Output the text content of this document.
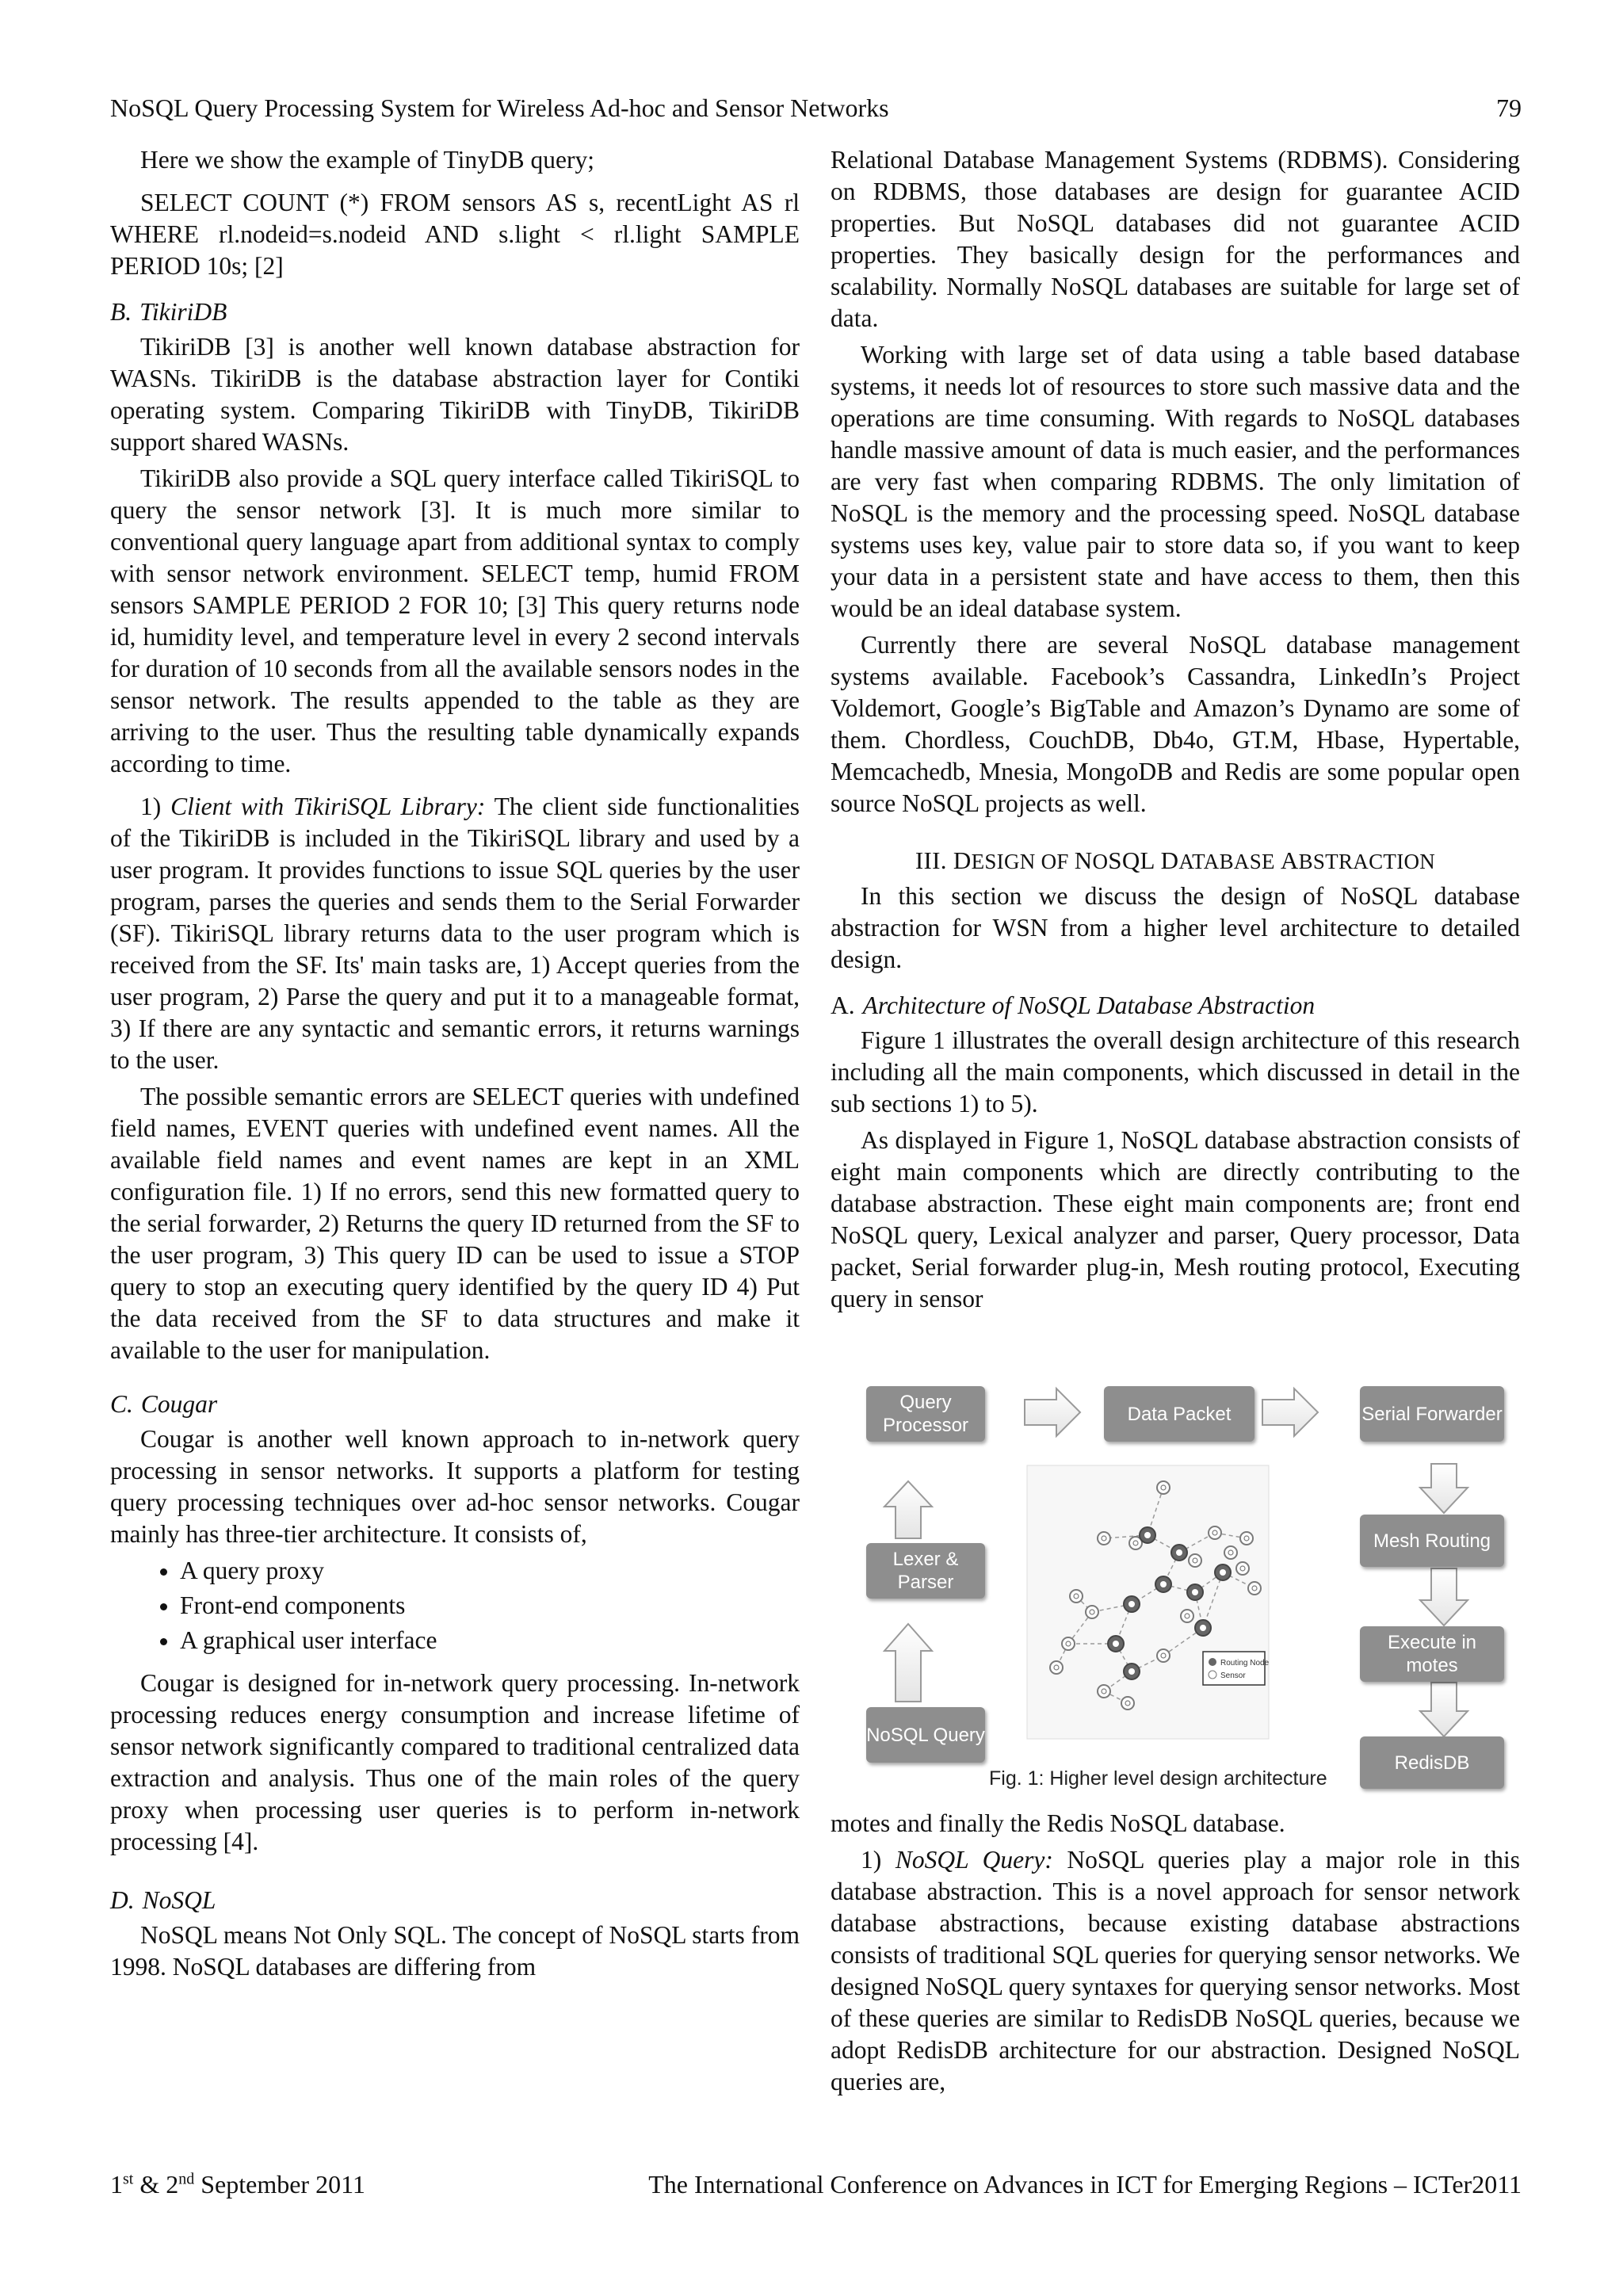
NoSQL Query Processing System for Wireless Ad-hoc and Sensor Networks	79

Here we show the example of TinyDB query;

SELECT COUNT (*) FROM sensors AS s, recentLight AS rl WHERE rl.nodeid=s.nodeid AND s.light < rl.light SAMPLE PERIOD 10s; [2]

B. TikiriDB

TikiriDB [3] is another well known database abstraction for WASNs. TikiriDB is the database abstraction layer for Contiki operating system. Comparing TikiriDB with TinyDB, TikiriDB support shared WASNs.

TikiriDB also provide a SQL query interface called TikiriSQL to query the sensor network [3]. It is much more similar to conventional query language apart from additional syntax to comply with sensor network environment. SELECT temp, humid FROM sensors SAMPLE PERIOD 2 FOR 10; [3] This query returns node id, humidity level, and temperature level in every 2 second intervals for duration of 10 seconds from all the available sensors nodes in the sensor network. The results appended to the table as they are arriving to the user. Thus the resulting table dynamically expands according to time.

1) Client with TikiriSQL Library: The client side functionalities of the TikiriDB is included in the TikiriSQL library and used by a user program. It provides functions to issue SQL queries by the user program, parses the queries and sends them to the Serial Forwarder (SF). TikiriSQL library returns data to the user program which is received from the SF. Its' main tasks are, 1) Accept queries from the user program, 2) Parse the query and put it to a manageable format, 3) If there are any syntactic and semantic errors, it returns warnings to the user.

The possible semantic errors are SELECT queries with undefined field names, EVENT queries with undefined event names. All the available field names and event names are kept in an XML configuration file. 1) If no errors, send this new formatted query to the serial forwarder, 2) Returns the query ID returned from the SF to the user program, 3) This query ID can be used to issue a STOP query to stop an executing query identified by the query ID 4) Put the data received from the SF to data structures and make it available to the user for manipulation.

C. Cougar

Cougar is another well known approach to in-network query processing in sensor networks. It supports a platform for testing query processing techniques over ad-hoc sensor networks. Cougar mainly has three-tier architecture. It consists of,

• A query proxy
• Front-end components
• A graphical user interface

Cougar is designed for in-network query processing. In-network processing reduces energy consumption and increase lifetime of sensor network significantly compared to traditional centralized data extraction and analysis. Thus one of the main roles of the query proxy when processing user queries is to perform in-network processing [4].

D. NoSQL

NoSQL means Not Only SQL. The concept of NoSQL starts from 1998. NoSQL databases are differing from

Relational Database Management Systems (RDBMS). Considering on RDBMS, those databases are design for guarantee ACID properties. But NoSQL databases did not guarantee ACID properties. They basically design for the performances and scalability. Normally NoSQL databases are suitable for large set of data.

Working with large set of data using a table based database systems, it needs lot of resources to store such massive data and the operations are time consuming. With regards to NoSQL databases handle massive amount of data is much easier, and the performances are very fast when comparing RDBMS. The only limitation of NoSQL is the memory and the processing speed. NoSQL database systems uses key, value pair to store data so, if you want to keep your data in a persistent state and have access to them, then this would be an ideal database system.

Currently there are several NoSQL database management systems available. Facebook’s Cassandra, LinkedIn’s Project Voldemort, Google’s BigTable and Amazon’s Dynamo are some of them. Chordless, CouchDB, Db4o, GT.M, Hbase, Hypertable, Memcachedb, Mnesia, MongoDB and Redis are some popular open source NoSQL projects as well.

III. DESIGN OF NOSQL DATABASE ABSTRACTION

In this section we discuss the design of NoSQL database abstraction for WSN from a higher level architecture to detailed design.

A. Architecture of NoSQL Database Abstraction

Figure 1 illustrates the overall design architecture of this research including all the main components, which discussed in detail in the sub sections 1) to 5).

As displayed in Figure 1, NoSQL database abstraction consists of eight main components which are directly contributing to the database abstraction. These eight main components are; front end NoSQL query, Lexical analyzer and parser, Query processor, Data packet, Serial forwarder plug-in, Mesh routing protocol, Executing query in sensor

Routing Node
Sensor
Query Processor
Data Packet	Serial Forwarder
Lexer & Parser
Mesh Routing
NoSQL Query
Execute in motes
RedisDB
Fig. 1: Higher level design architecture

motes and finally the Redis NoSQL database.

1) NoSQL Query: NoSQL queries play a major role in this database abstraction. This is a novel approach for sensor network database abstractions, because existing database abstractions consists of traditional SQL queries for querying sensor networks. We designed NoSQL query syntaxes for querying sensor networks. Most of these queries are similar to RedisDB NoSQL queries, because we adopt RedisDB architecture for our abstraction. Designed NoSQL queries are,

1st & 2nd September 2011	The International Conference on Advances in ICT for Emerging Regions – ICTer2011
